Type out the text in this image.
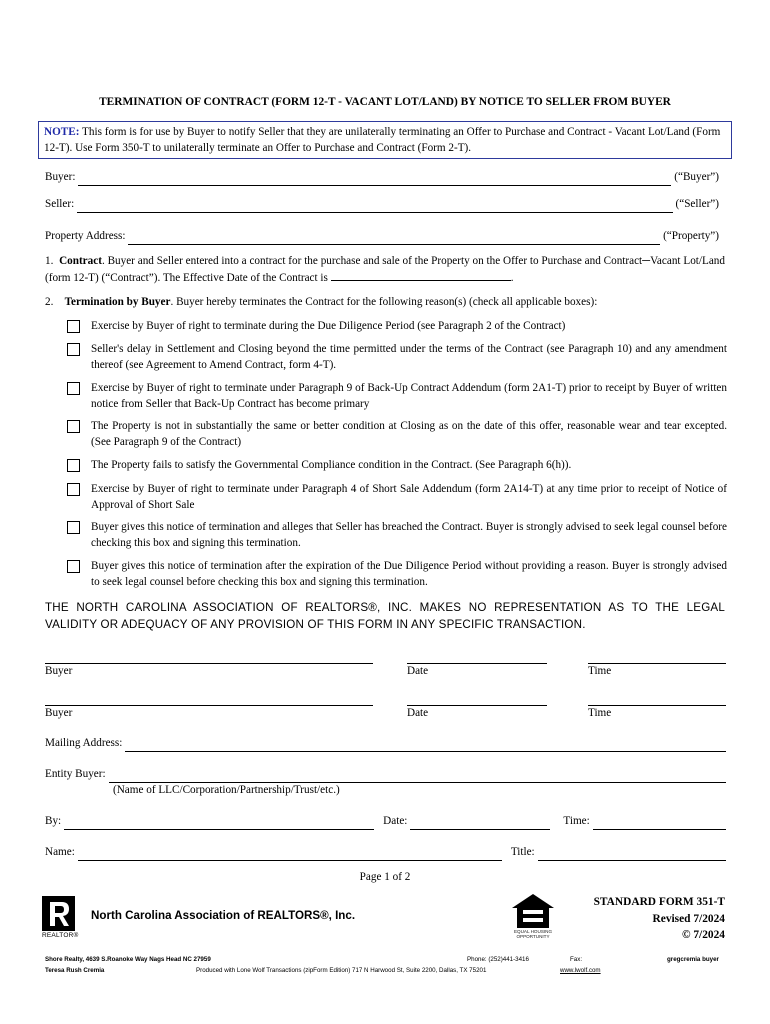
TERMINATION OF CONTRACT (FORM 12-T - VACANT LOT/LAND) BY NOTICE TO SELLER FROM BUYER
NOTE: This form is for use by Buyer to notify Seller that they are unilaterally terminating an Offer to Purchase and Contract - Vacant Lot/Land (Form 12-T). Use Form 350-T to unilaterally terminate an Offer to Purchase and Contract (Form 2-T).
Buyer:	(“Buyer”)
Seller:	(“Seller”)
Property Address:	(“Property”)
1. Contract. Buyer and Seller entered into a contract for the purchase and sale of the Property on the Offer to Purchase and Contract─Vacant Lot/Land (form 12-T) (“Contract”). The Effective Date of the Contract is	.
2. Termination by Buyer. Buyer hereby terminates the Contract for the following reason(s) (check all applicable boxes):
Exercise by Buyer of right to terminate during the Due Diligence Period (see Paragraph 2 of the Contract)
Seller's delay in Settlement and Closing beyond the time permitted under the terms of the Contract (see Paragraph 10) and any amendment thereof (see Agreement to Amend Contract, form 4-T).
Exercise by Buyer of right to terminate under Paragraph 9 of Back-Up Contract Addendum (form 2A1-T) prior to receipt by Buyer of written notice from Seller that Back-Up Contract has become primary
The Property is not in substantially the same or better condition at Closing as on the date of this offer, reasonable wear and tear excepted. (See Paragraph 9 of the Contract)
The Property fails to satisfy the Governmental Compliance condition in the Contract. (See Paragraph 6(h)).
Exercise by Buyer of right to terminate under Paragraph 4 of Short Sale Addendum (form 2A14-T) at any time prior to receipt of Notice of Approval of Short Sale
Buyer gives this notice of termination and alleges that Seller has breached the Contract. Buyer is strongly advised to seek legal counsel before checking this box and signing this termination.
Buyer gives this notice of termination after the expiration of the Due Diligence Period without providing a reason. Buyer is strongly advised to seek legal counsel before checking this box and signing this termination.
THE NORTH CAROLINA ASSOCIATION OF REALTORS®, INC. MAKES NO REPRESENTATION AS TO THE LEGAL VALIDITY OR ADEQUACY OF ANY PROVISION OF THIS FORM IN ANY SPECIFIC TRANSACTION.
Buyer	Date	Time
Buyer	Date	Time
Mailing Address:
Entity Buyer:
(Name of LLC/Corporation/Partnership/Trust/etc.)
By:	Date:	Time:
Name:	Title:
Page 1 of 2
REALTOR®
North Carolina Association of REALTORS®, Inc.
EQUAL HOUSING OPPORTUNITY
STANDARD FORM 351-T
Revised 7/2024
© 7/2024
Shore Realty, 4639 S.Roanoke Way Nags Head NC 27959	Phone: (252)441-3416	Fax:	gregcremia buyer
Teresa Rush Cremia	Produced with Lone Wolf Transactions (zipForm Edition) 717 N Harwood St, Suite 2200, Dallas, TX 75201	www.lwolf.com
